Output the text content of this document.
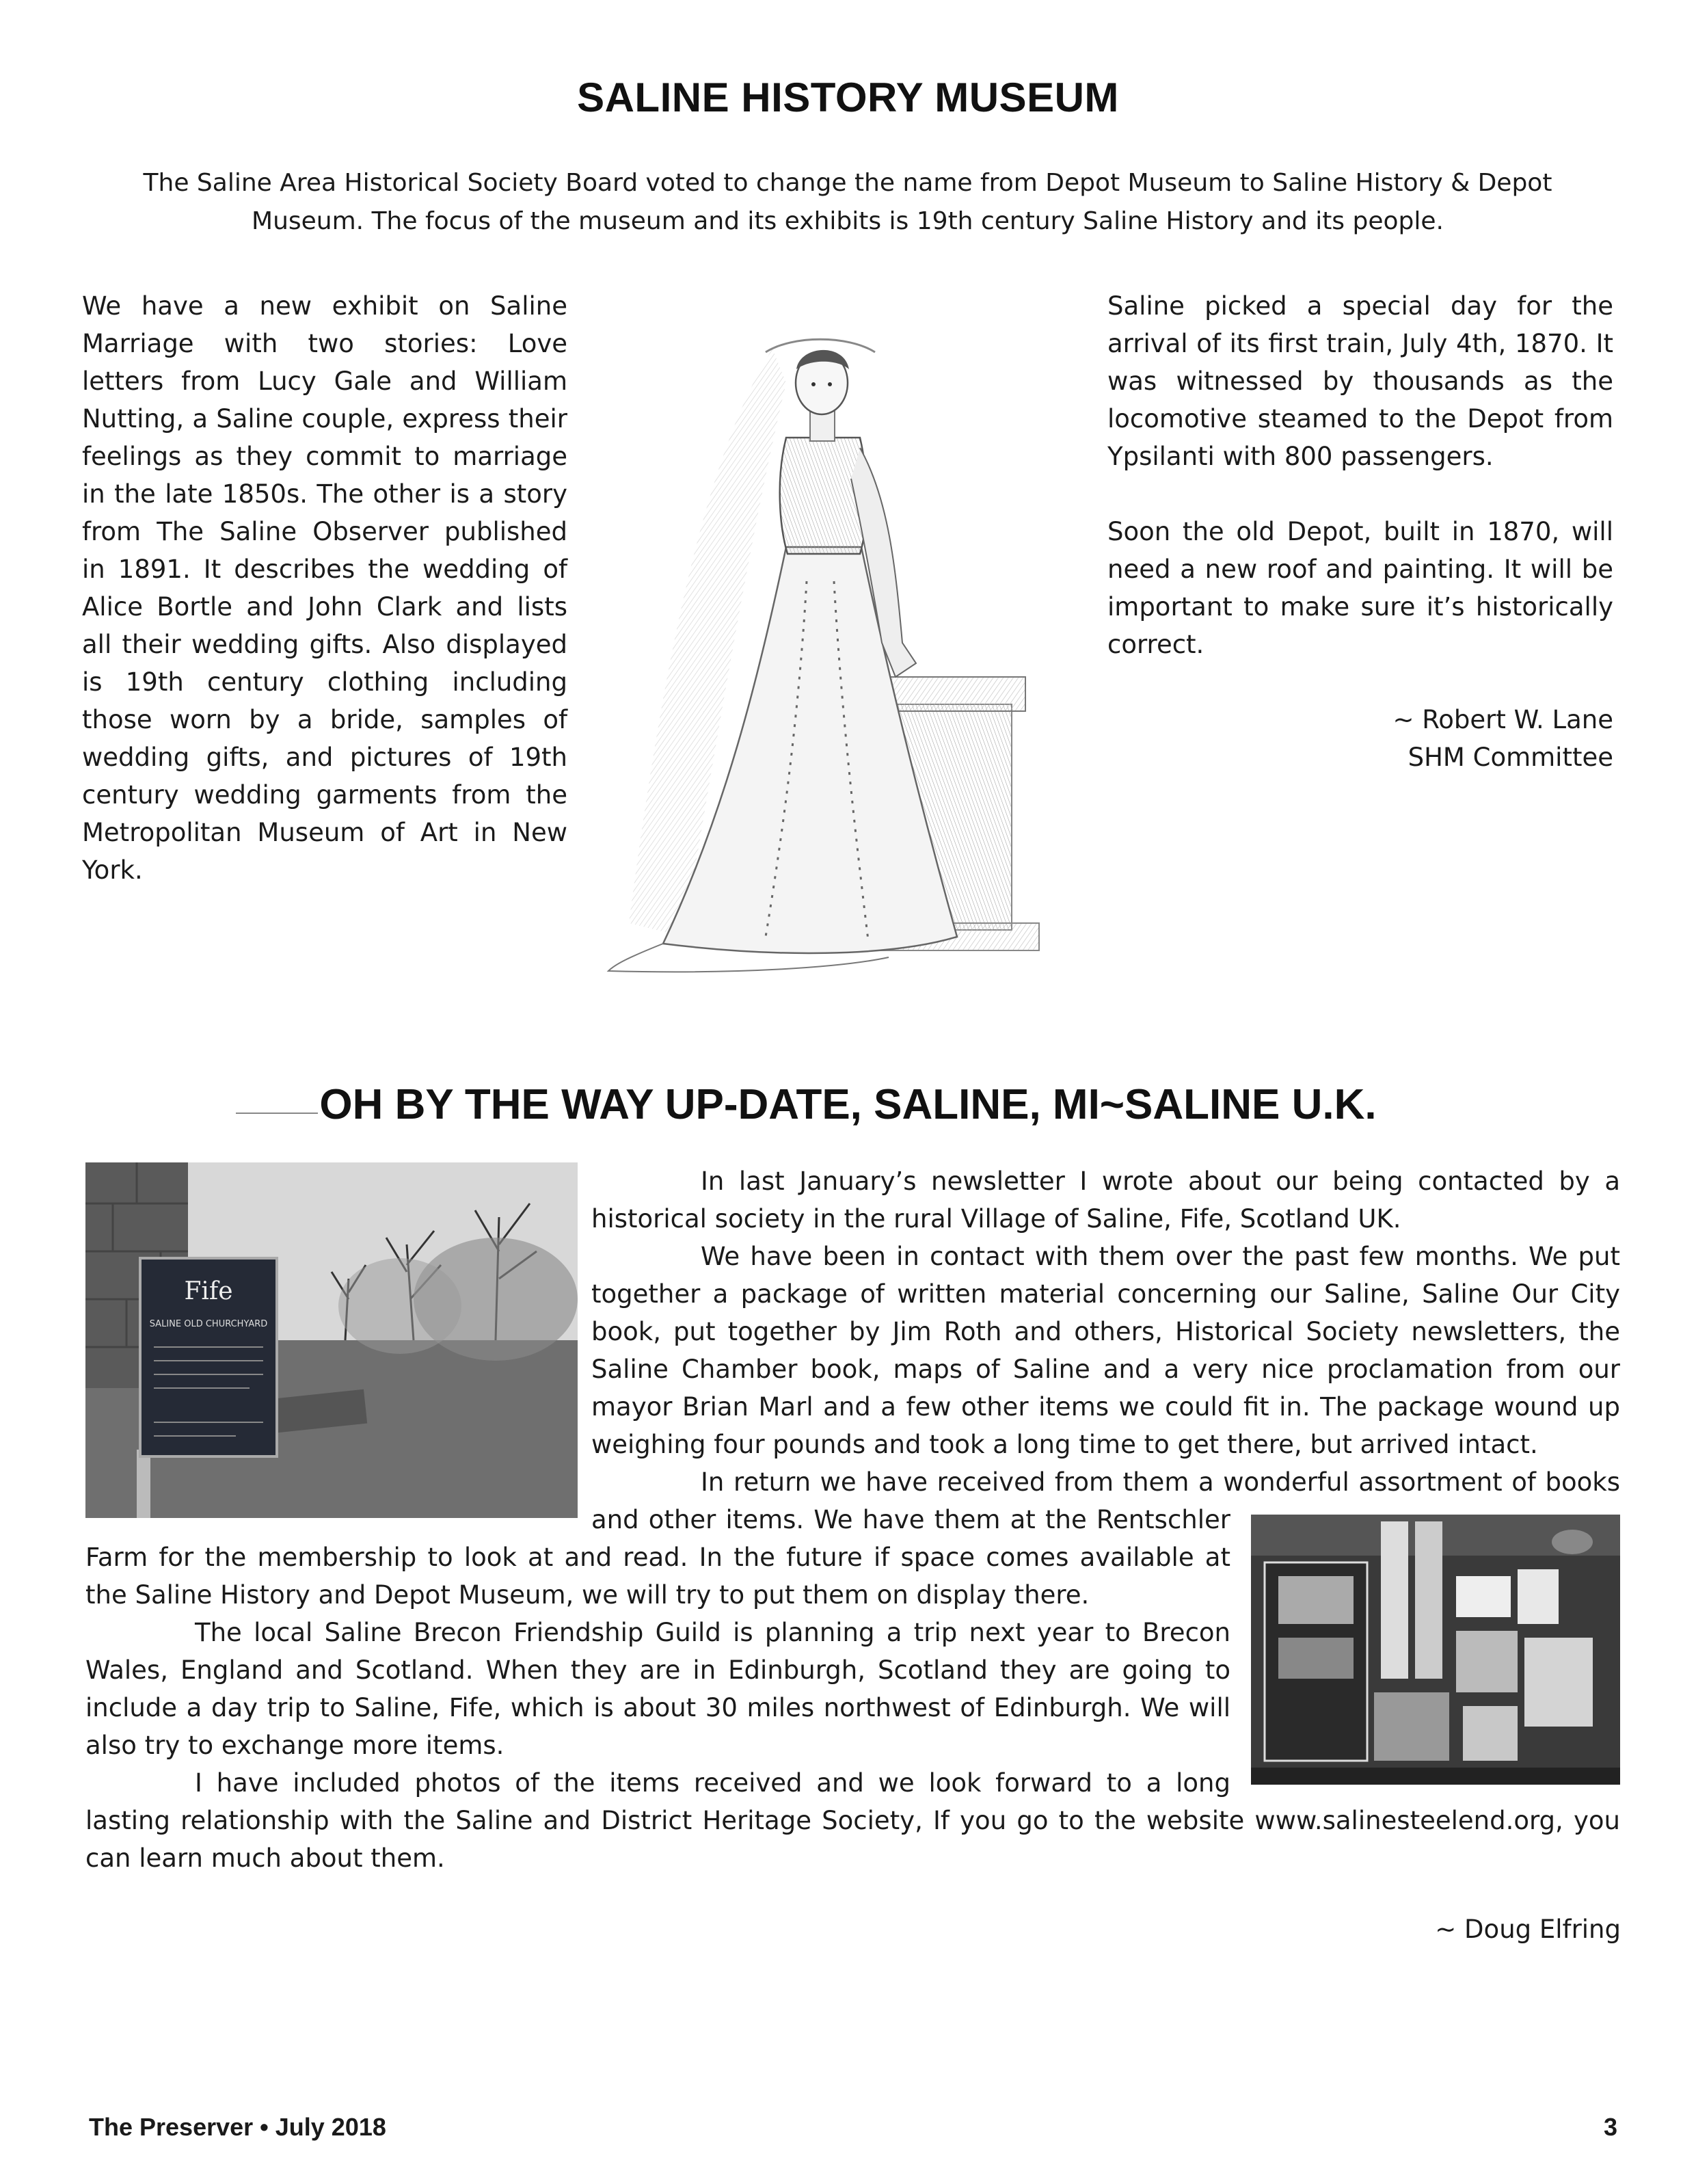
SALINE HISTORY MUSEUM
The Saline Area Historical Society Board voted to change the name from Depot Museum to Saline History & Depot Museum. The focus of the museum and its exhibits is 19th century Saline History and its people.

We have a new exhibit on Saline Marriage with two stories: Love letters from Lucy Gale and William Nutting, a Saline couple, express their feelings as they commit to marriage in the late 1850s. The other is a story from The Saline Observer published in 1891. It describes the wedding of Alice Bortle and John Clark and lists all their wedding gifts. Also displayed is 19th century clothing including those worn by a bride, samples of wedding gifts, and pictures of 19th century wedding garments from the Metropolitan Museum of Art in New York.

Saline picked a special day for the arrival of its first train, July 4th, 1870. It was witnessed by thousands as the locomotive steamed to the Depot from Ypsilanti with 800 passengers.

Soon the old Depot, built in 1870, will need a new roof and painting. It will be important to make sure it’s historically correct.

~ Robert W. Lane
SHM Committee
OH BY THE WAY UP-DATE, SALINE, MI~SALINE U.K.
Fife
SALINE OLD CHURCHYARD

In last January’s newsletter I wrote about our being contacted by a historical society in the rural Village of Saline, Fife, Scotland UK.

We have been in contact with them over the past few months. We put together a package of written material concerning our Saline, Saline Our City book, put together by Jim Roth and others, Historical Society newsletters, the Saline Chamber book, maps of Saline and a very nice proclamation from our mayor Brian Marl and a few other items we could fit in. The package wound up weighing four pounds and took a long time to get there, but arrived intact.

In return we have received from them a wonderful assortment of books and other items. We have them at the Rentschler Farm for the membership to look at and read. In the future if space comes available at the Saline History and Depot Museum, we will try to put them on display there.

The local Saline Brecon Friendship Guild is planning a trip next year to Brecon Wales, England and Scotland. When they are in Edinburgh, Scotland they are going to include a day trip to Saline, Fife, which is about 30 miles northwest of Edinburgh. We will also try to exchange more items.

I have included photos of the items received and we look forward to a long lasting relationship with the Saline and District Heritage Society, If you go to the website www.salinesteelend.org, you can learn much about them.

~ Doug Elfring
The Preserver • July 2018	3
